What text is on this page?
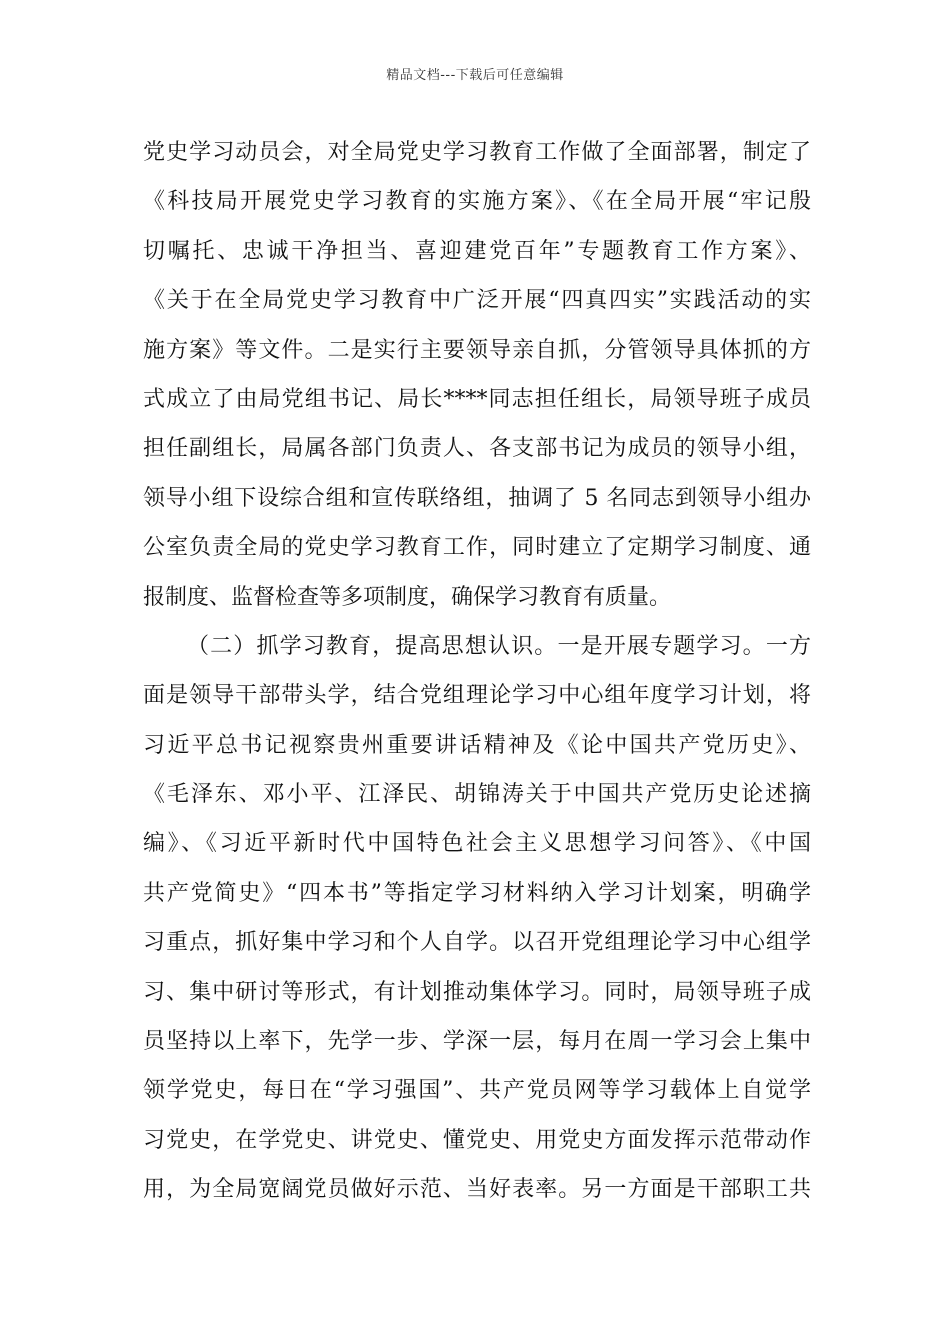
精品文档---下载后可任意编辑
党史学习动员会，对全局党史学习教育工作做了全面部署，制定了
《科技局开展党史学习教育的实施方案》、《在全局开展“牢记殷
切嘱托、忠诚干净担当、喜迎建党百年”专题教育工作方案》、
《关于在全局党史学习教育中广泛开展“四真四实”实践活动的实
施方案》等文件。二是实行主要领导亲自抓，分管领导具体抓的方
式成立了由局党组书记、局长****同志担任组长，局领导班子成员
担任副组长，局属各部门负责人、各支部书记为成员的领导小组，
领导小组下设综合组和宣传联络组，抽调了 5 名同志到领导小组办
公室负责全局的党史学习教育工作，同时建立了定期学习制度、通
报制度、监督检查等多项制度，确保学习教育有质量。
（二）抓学习教育，提高思想认识。一是开展专题学习。一方
面是领导干部带头学，结合党组理论学习中心组年度学习计划，将
习近平总书记视察贵州重要讲话精神及《论中国共产党历史》、
《毛泽东、邓小平、江泽民、胡锦涛关于中国共产党历史论述摘
编》、《习近平新时代中国特色社会主义思想学习问答》、《中国
共产党简史》“四本书”等指定学习材料纳入学习计划案，明确学
习重点，抓好集中学习和个人自学。以召开党组理论学习中心组学
习、集中研讨等形式，有计划推动集体学习。同时，局领导班子成
员坚持以上率下，先学一步、学深一层，每月在周一学习会上集中
领学党史，每日在“学习强国”、共产党员网等学习载体上自觉学
习党史，在学党史、讲党史、懂党史、用党史方面发挥示范带动作
用，为全局宽阔党员做好示范、当好表率。另一方面是干部职工共
